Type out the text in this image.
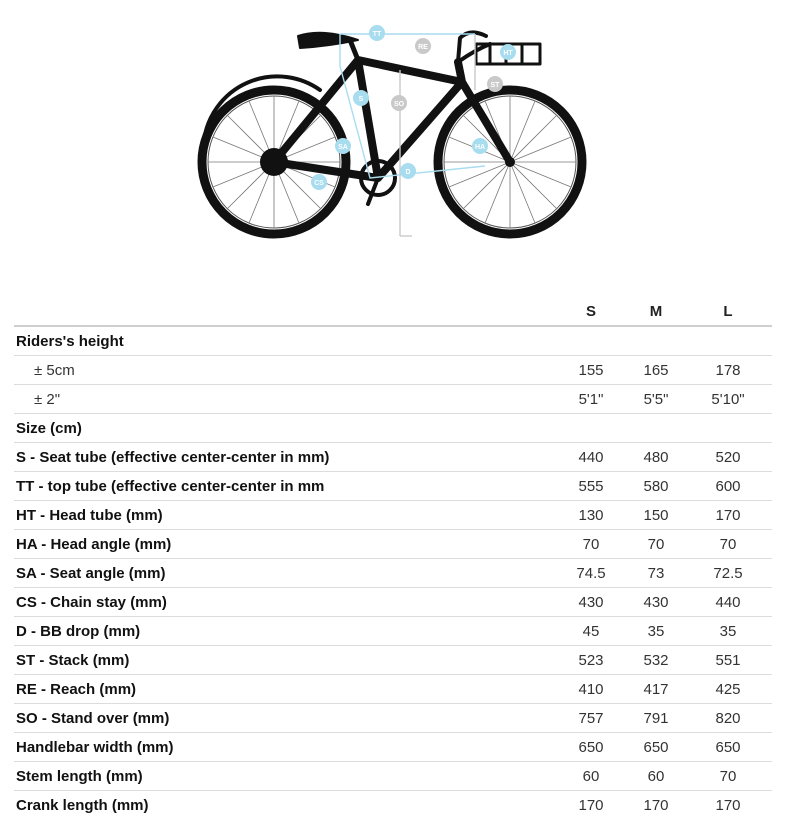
TT
RE
HT
ST
S
SO
SA	HA
D
CS
	S	M	L
Riders's height			
± 5cm	155	165	178
± 2"	5'1"	5'5"	5'10"
Size (cm)			
S - Seat tube (effective center-center in mm)	440	480	520
TT - top tube (effective center-center in mm	555	580	600
HT - Head tube (mm)	130	150	170
HA - Head angle (mm)	70	70	70
SA - Seat angle (mm)	74.5	73	72.5
CS - Chain stay (mm)	430	430	440
D - BB drop (mm)	45	35	35
ST - Stack (mm)	523	532	551
RE - Reach (mm)	410	417	425
SO - Stand over (mm)	757	791	820
Handlebar width (mm)	650	650	650
Stem length (mm)	60	60	70
Crank length (mm)	170	170	170
